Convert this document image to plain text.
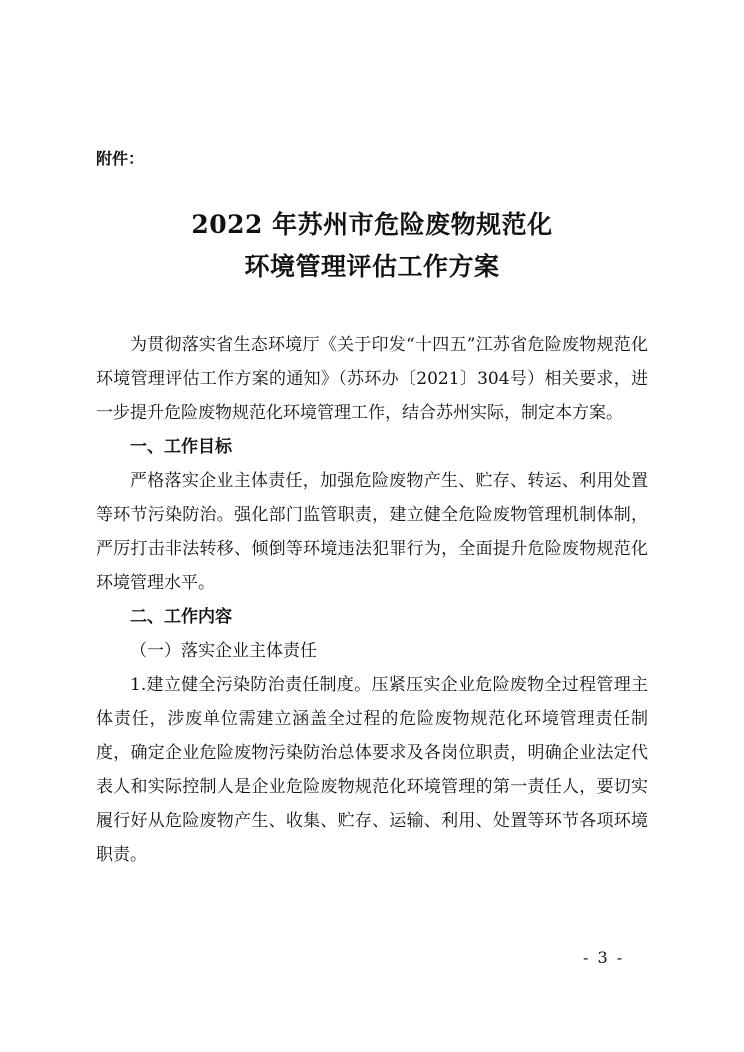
附件：
2022 年苏州市危险废物规范化
环境管理评估工作方案

为贯彻落实省生态环境厅《关于印发“十四五”江苏省危险废物规范化环境管理评估工作方案的通知》（苏环办〔2021〕304号）相关要求，进一步提升危险废物规范化环境管理工作，结合苏州实际，制定本方案。

一、工作目标

严格落实企业主体责任，加强危险废物产生、贮存、转运、利用处置等环节污染防治。强化部门监管职责，建立健全危险废物管理机制体制，严厉打击非法转移、倾倒等环境违法犯罪行为，全面提升危险废物规范化环境管理水平。

二、工作内容

（一）落实企业主体责任

1.建立健全污染防治责任制度。压紧压实企业危险废物全过程管理主体责任，涉废单位需建立涵盖全过程的危险废物规范化环境管理责任制度，确定企业危险废物污染防治总体要求及各岗位职责，明确企业法定代表人和实际控制人是企业危险废物规范化环境管理的第一责任人，要切实履行好从危险废物产生、收集、贮存、运输、利用、处置等环节各项环境职责。

- 3 -
